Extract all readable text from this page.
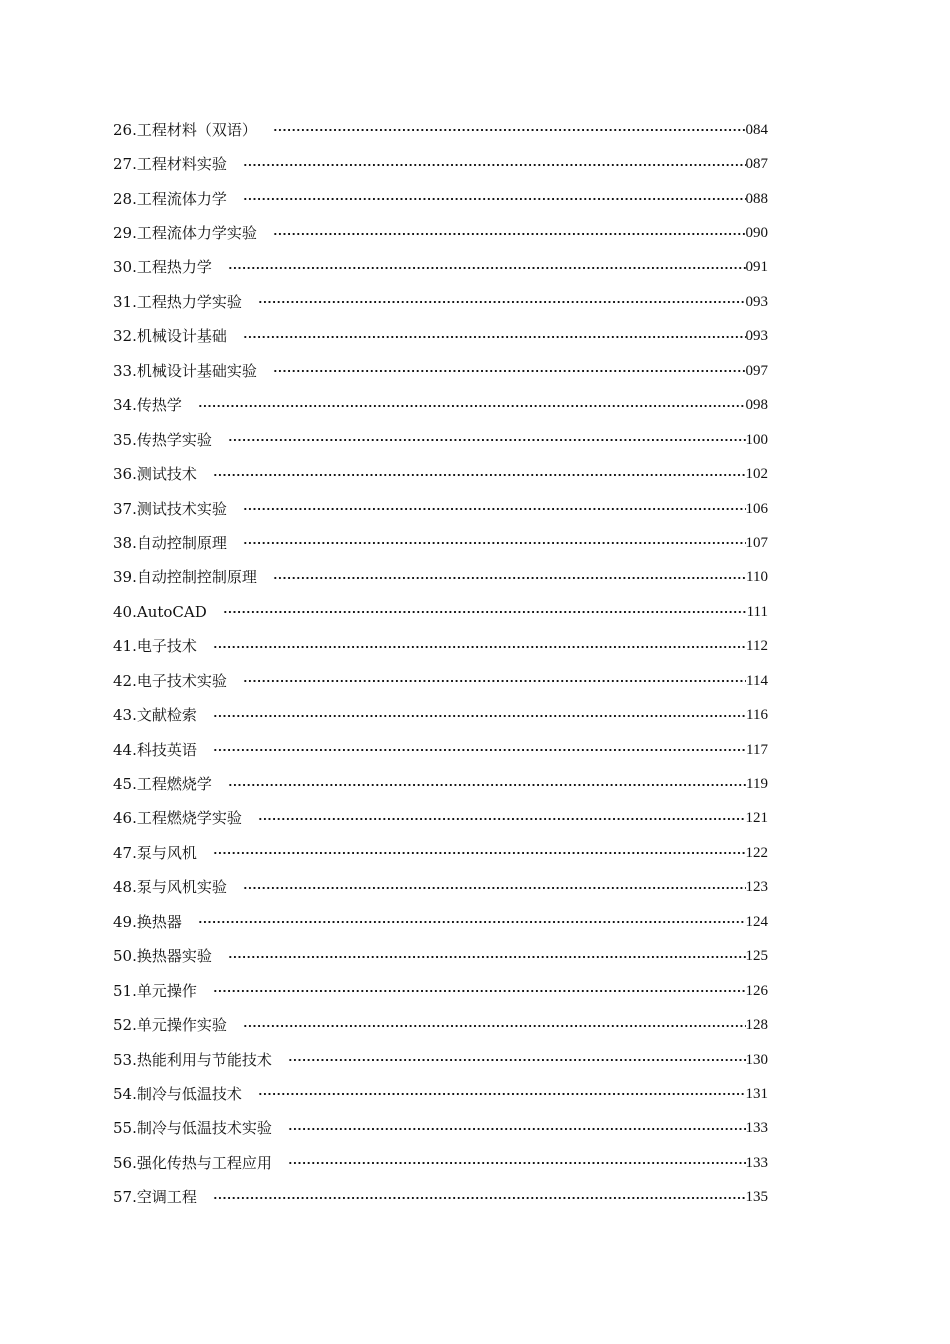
26.工程材料（双语）	084
27.工程材料实验	087
28.工程流体力学	088
29.工程流体力学实验	090
30.工程热力学	091
31.工程热力学实验	093
32.机械设计基础	093
33.机械设计基础实验	097
34.传热学	098
35.传热学实验	100
36.测试技术	102
37.测试技术实验	106
38.自动控制原理	107
39.自动控制控制原理	110
40.AutoCAD	111
41.电子技术	112
42.电子技术实验	114
43.文献检索	116
44.科技英语	117
45.工程燃烧学	119
46.工程燃烧学实验	121
47.泵与风机	122
48.泵与风机实验	123
49.换热器	124
50.换热器实验	125
51.单元操作	126
52.单元操作实验	128
53.热能利用与节能技术	130
54.制冷与低温技术	131
55.制冷与低温技术实验	133
56.强化传热与工程应用	133
57.空调工程	135
